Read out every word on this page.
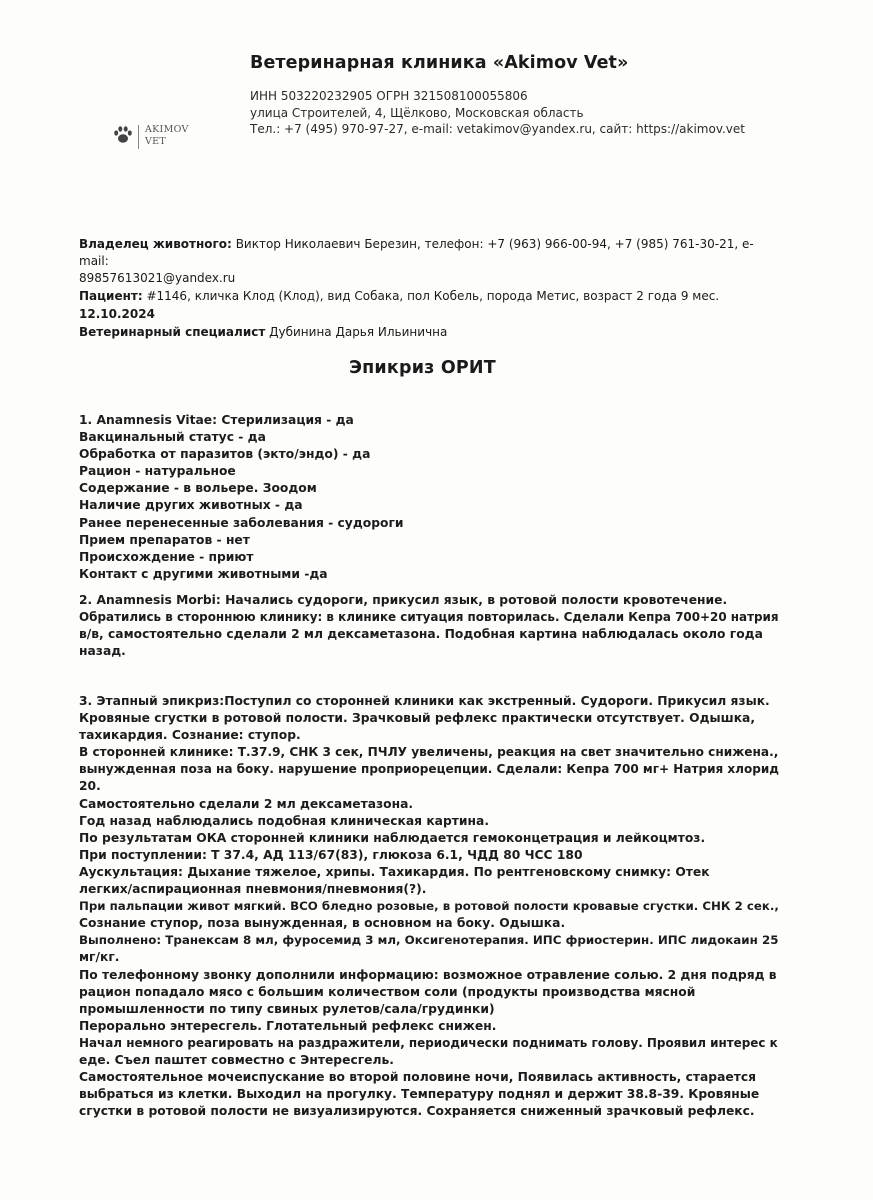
Ветеринарная клиника «Akimov Vet»
ИНН 503220232905 ОГРН 321508100055806
улица Строителей, 4, Щёлково, Московская область
Тел.: +7 (495) 970-97-27, e-mail: vetakimov@yandex.ru, сайт: https://akimov.vet
AKIMOV
VET
Владелец животного: Виктор Николаевич Березин, телефон: +7 (963) 966-00-94, +7 (985) 761-30-21, e-mail:
89857613021@yandex.ru
Пациент: #1146, кличка Клод (Клод), вид Собака, пол Кобель, порода Метис, возраст 2 года 9 мес.
12.10.2024
Ветеринарный специалист Дубинина Дарья Ильинична
Эпикриз ОРИТ
1. Anamnesis Vitae: Стерилизация - да
Вакцинальный статус - да
Обработка от паразитов (экто/эндо) - да
Рацион - натуральное
Содержание - в вольере. Зоодом
Наличие других животных - да
Ранее перенесенные заболевания - судороги
Прием препаратов - нет
Происхождение - приют
Контакт с другими животными -да
2. Anamnesis Morbi: Начались судороги, прикусил язык, в ротовой полости кровотечение.
Обратились в стороннюю клинику: в клинике ситуация повторилась. Сделали Кепра 700+20 натрия
в/в, самостоятельно сделали 2 мл дексаметазона. Подобная картина наблюдалась около года
назад.
3. Этапный эпикриз:Поступил со сторонней клиники как экстренный. Судороги. Прикусил язык.
Кровяные сгустки в ротовой полости. Зрачковый рефлекс практически отсутствует. Одышка,
тахикардия. Сознание: ступор.
В сторонней клинике: Т.37.9, СНК 3 сек, ПЧЛУ увеличены, реакция на свет значительно снижена.,
вынужденная поза на боку. нарушение проприорецепции. Сделали: Кепра 700 мг+ Натрия хлорид
20.
Самостоятельно сделали 2 мл дексаметазона.
Год назад наблюдались подобная клиническая картина.
По результатам ОКА сторонней клиники наблюдается гемоконцетрация и лейкоцмтоз.
При поступлении: Т 37.4, АД 113/67(83), глюкоза 6.1, ЧДД 80 ЧСС 180
Аускультация: Дыхание тяжелое, хрипы. Тахикардия. По рентгеновскому снимку: Отек
легких/аспирационная пневмония/пневмония(?).
При пальпации живот мягкий. ВСО бледно розовые, в ротовой полости кровавые сгустки. СНК 2 сек.,
Сознание ступор, поза вынужденная, в основном на боку. Одышка.
Выполнено: Транексам 8 мл, фуросемид 3 мл, Оксигенотерапия. ИПС фриостерин. ИПС лидокаин 25
мг/кг.
По телефонному звонку дополнили информацию: возможное отравление солью. 2 дня подряд в
рацион попадало мясо с большим количеством соли (продукты производства мясной
промышленности по типу свиных рулетов/сала/грудинки)
Перорально энтересгель. Глотательный рефлекс снижен.
Начал немного реагировать на раздражители, периодически поднимать голову. Проявил интерес к
еде. Съел паштет совместно с Энтересгель.
Самостоятельное мочеиспускание во второй половине ночи, Появилась активность, старается
выбраться из клетки. Выходил на прогулку. Температуру поднял и держит 38.8-39. Кровяные
сгустки в ротовой полости не визуализируются. Сохраняется сниженный зрачковый рефлекс.
